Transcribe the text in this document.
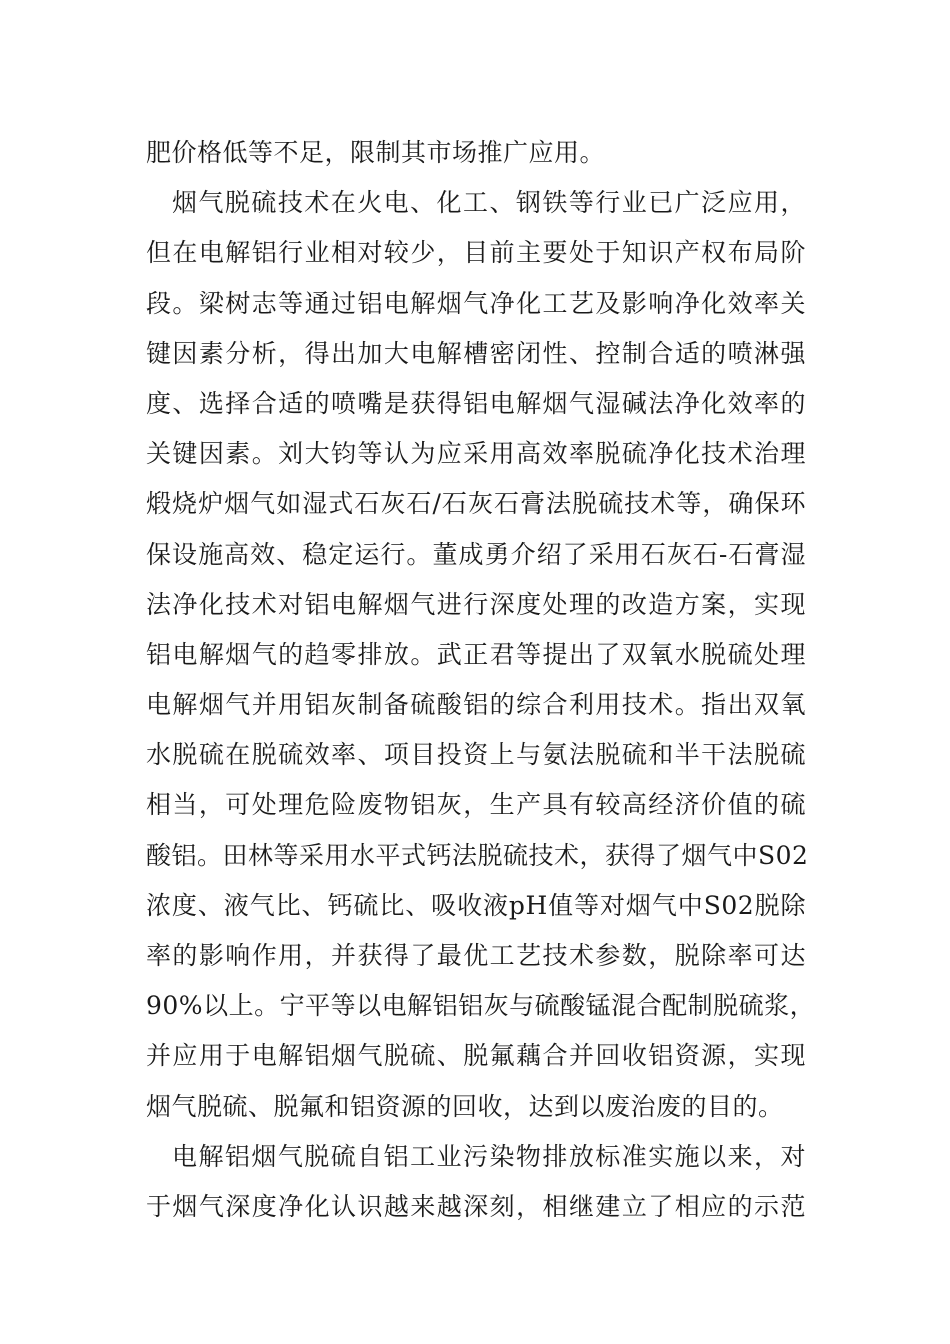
肥价格低等不足，限制其市场推广应用。
烟气脱硫技术在火电、化工、钢铁等行业已广泛应用，
但在电解铝行业相对较少，目前主要处于知识产权布局阶
段。梁树志等通过铝电解烟气净化工艺及影响净化效率关
键因素分析，得出加大电解槽密闭性、控制合适的喷淋强
度、选择合适的喷嘴是获得铝电解烟气湿碱法净化效率的
关键因素。刘大钧等认为应采用高效率脱硫净化技术治理
煅烧炉烟气如湿式石灰石/石灰石膏法脱硫技术等，确保环
保设施高效、稳定运行。董成勇介绍了采用石灰石-石膏湿
法净化技术对铝电解烟气进行深度处理的改造方案，实现
铝电解烟气的趋零排放。武正君等提出了双氧水脱硫处理
电解烟气并用铝灰制备硫酸铝的综合利用技术。指出双氧
水脱硫在脱硫效率、项目投资上与氨法脱硫和半干法脱硫
相当，可处理危险废物铝灰，生产具有较高经济价值的硫
酸铝。田林等采用水平式钙法脱硫技术，获得了烟气中S02
浓度、液气比、钙硫比、吸收液pH值等对烟气中S02脱除
率的影响作用，并获得了最优工艺技术参数，脱除率可达
90%以上。宁平等以电解铝铝灰与硫酸锰混合配制脱硫浆，
并应用于电解铝烟气脱硫、脱氟藕合并回收铝资源，实现
烟气脱硫、脱氟和铝资源的回收，达到以废治废的目的。
电解铝烟气脱硫自铝工业污染物排放标准实施以来，对
于烟气深度净化认识越来越深刻，相继建立了相应的示范
